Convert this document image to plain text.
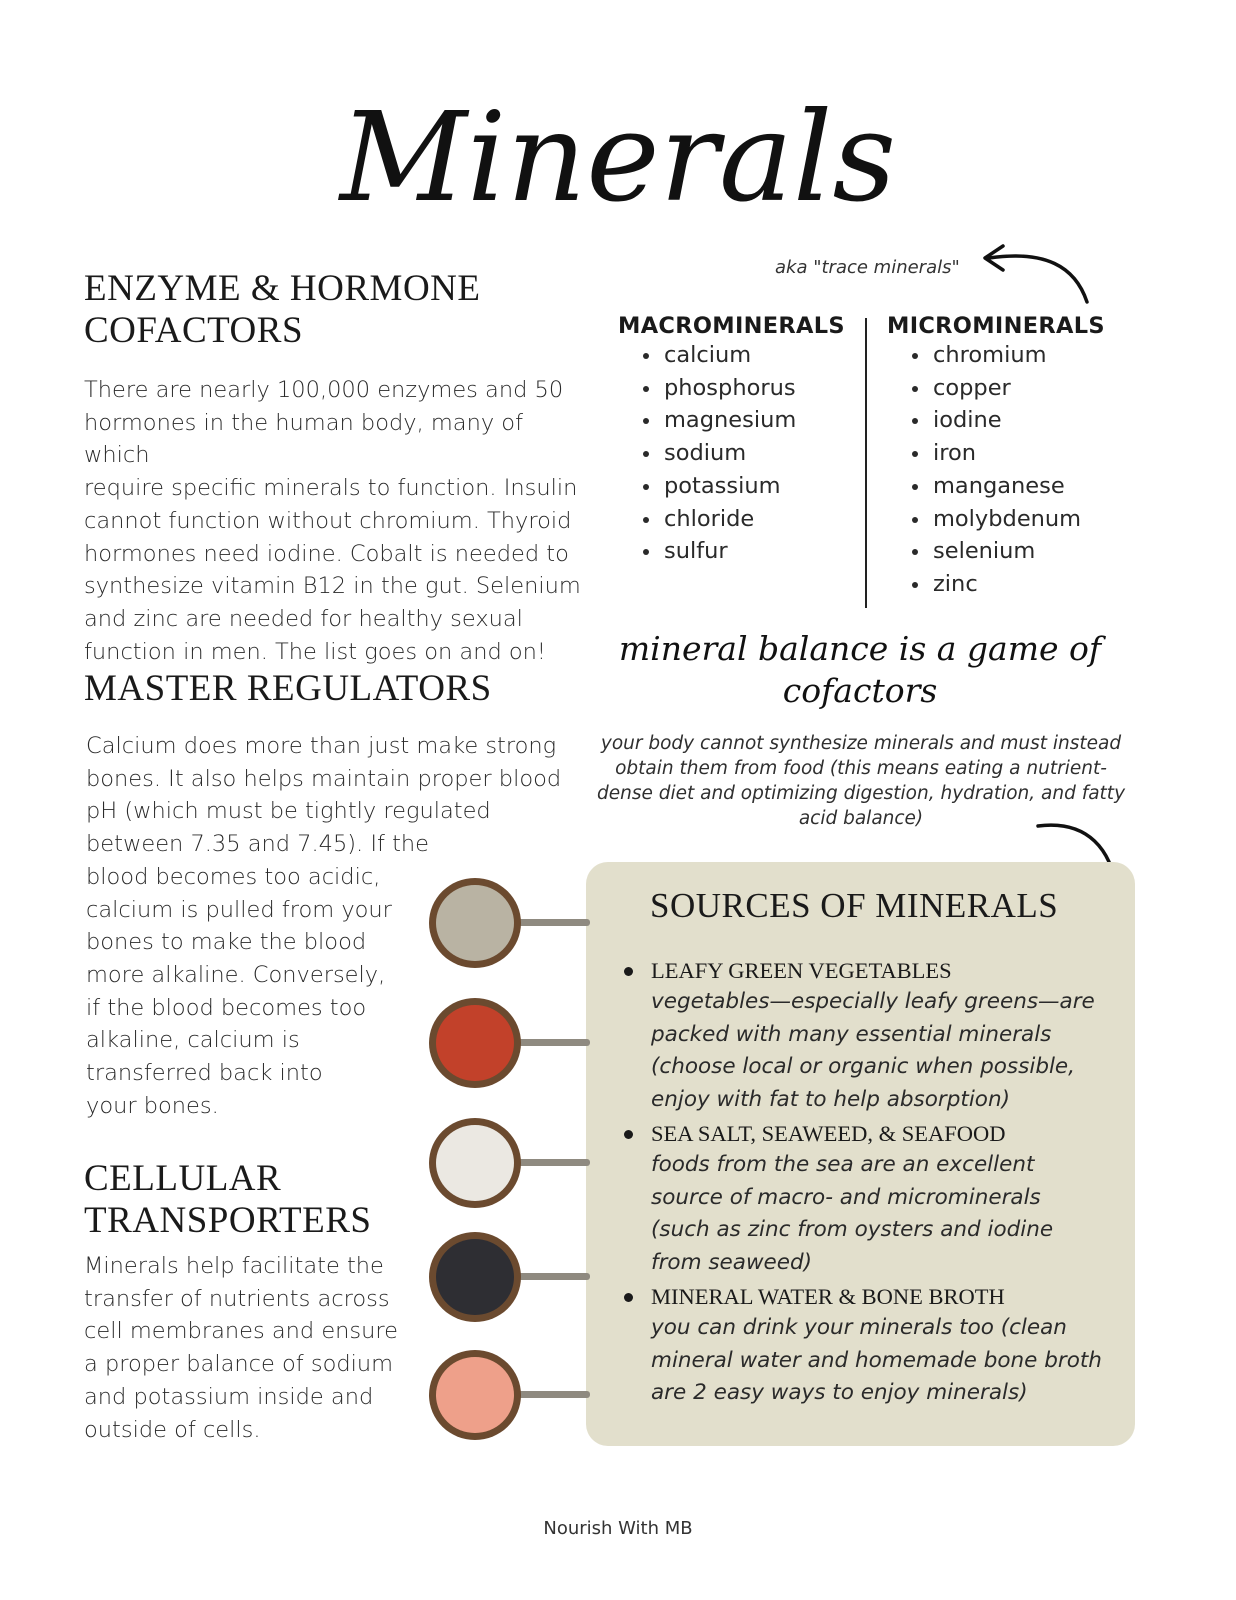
Minerals
ENZYME & HORMONE
COFACTORS
There are nearly 100,000 enzymes and 50
hormones in the human body, many of which
require specific minerals to function. Insulin
cannot function without chromium. Thyroid
hormones need iodine. Cobalt is needed to
synthesize vitamin B12 in the gut. Selenium
and zinc are needed for healthy sexual
function in men. The list goes on and on!
MASTER REGULATORS
Calcium does more than just make strong
bones. It also helps maintain proper blood
pH (which must be tightly regulated
between 7.35 and 7.45). If the
blood becomes too acidic,
calcium is pulled from your
bones to make the blood
more alkaline. Conversely,
if the blood becomes too
alkaline, calcium is
transferred back into
your bones.
CELLULAR
TRANSPORTERS
Minerals help facilitate the
transfer of nutrients across
cell membranes and ensure
a proper balance of sodium
and potassium inside and
outside of cells.
aka "trace minerals"
MACROMINERALS
calcium
phosphorus
magnesium
sodium
potassium
chloride
sulfur
MICROMINERALS
chromium
copper
iodine
iron
manganese
molybdenum
selenium
zinc
mineral balance is a game of
cofactors
your body cannot synthesize minerals and must instead
obtain them from food (this means eating a nutrient-
dense diet and optimizing digestion, hydration, and fatty
acid balance)
SOURCES OF MINERALS
LEAFY GREEN VEGETABLES
vegetables—especially leafy greens—are
packed with many essential minerals
(choose local or organic when possible,
enjoy with fat to help absorption)
SEA SALT, SEAWEED, & SEAFOOD
foods from the sea are an excellent
source of macro- and microminerals
(such as zinc from oysters and iodine
from seaweed)
MINERAL WATER & BONE BROTH
you can drink your minerals too (clean
mineral water and homemade bone broth
are 2 easy ways to enjoy minerals)
Nourish With MB
